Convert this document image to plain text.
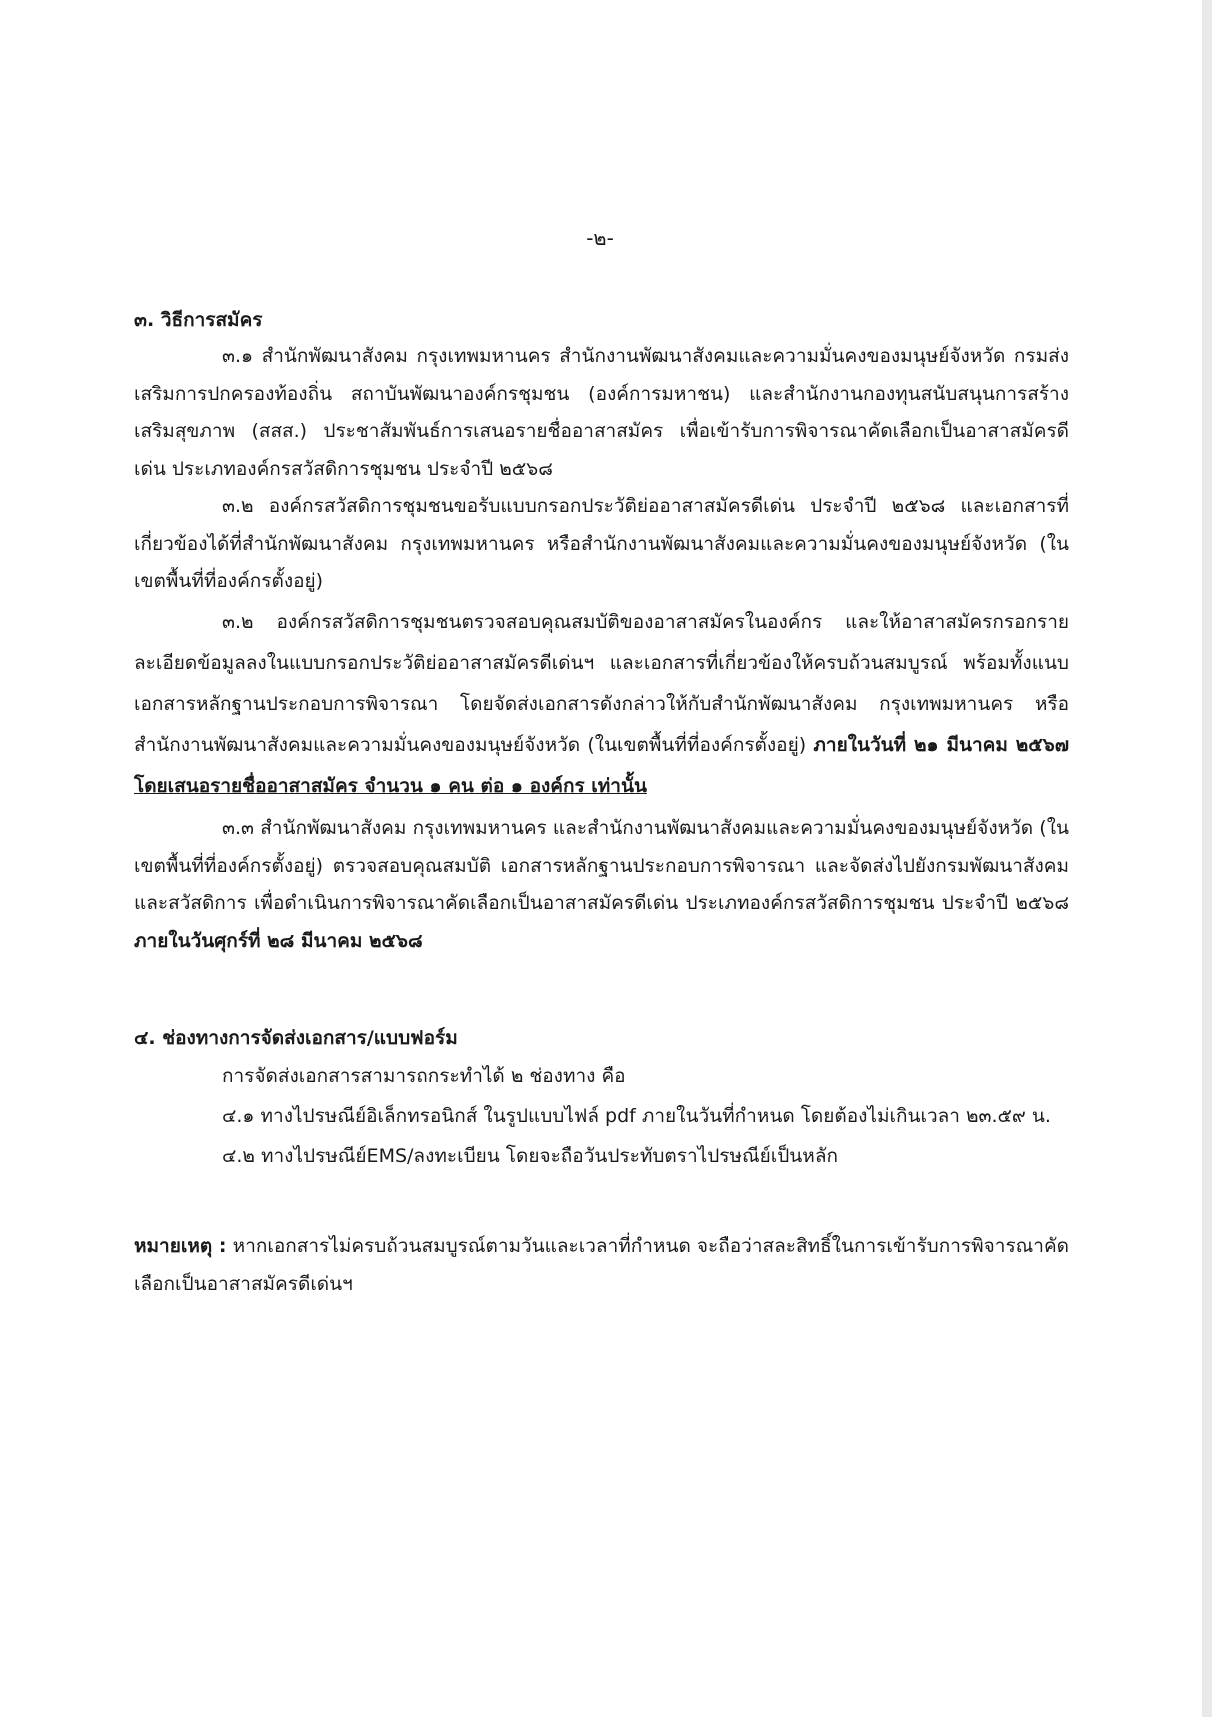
-๒-
๓. วิธีการสมัคร
๓.๑ สำนักพัฒนาสังคม กรุงเทพมหานคร สำนักงานพัฒนาสังคมและความมั่นคงของมนุษย์จังหวัด กรมส่งเสริมการปกครองท้องถิ่น สถาบันพัฒนาองค์กรชุมชน (องค์การมหาชน) และสำนักงานกองทุนสนับสนุนการสร้างเสริมสุขภาพ (สสส.) ประชาสัมพันธ์การเสนอรายชื่ออาสาสมัคร เพื่อเข้ารับการพิจารณาคัดเลือกเป็นอาสาสมัครดีเด่น ประเภทองค์กรสวัสดิการชุมชน ประจำปี ๒๕๖๘
๓.๒ องค์กรสวัสดิการชุมชนขอรับแบบกรอกประวัติย่ออาสาสมัครดีเด่น ประจำปี ๒๕๖๘ และเอกสารที่เกี่ยวข้องได้ที่สำนักพัฒนาสังคม กรุงเทพมหานคร หรือสำนักงานพัฒนาสังคมและความมั่นคงของมนุษย์จังหวัด (ในเขตพื้นที่ที่องค์กรตั้งอยู่)
๓.๒ องค์กรสวัสดิการชุมชนตรวจสอบคุณสมบัติของอาสาสมัครในองค์กร และให้อาสาสมัครกรอกรายละเอียดข้อมูลลงในแบบกรอกประวัติย่ออาสาสมัครดีเด่นฯ และเอกสารที่เกี่ยวข้องให้ครบถ้วนสมบูรณ์ พร้อมทั้งแนบเอกสารหลักฐานประกอบการพิจารณา โดยจัดส่งเอกสารดังกล่าวให้กับสำนักพัฒนาสังคม กรุงเทพมหานคร หรือสำนักงานพัฒนาสังคมและความมั่นคงของมนุษย์จังหวัด (ในเขตพื้นที่ที่องค์กรตั้งอยู่) ภายในวันที่ ๒๑ มีนาคม ๒๕๖๗ โดยเสนอรายชื่ออาสาสมัคร จำนวน ๑ คน ต่อ ๑ องค์กร เท่านั้น
๓.๓ สำนักพัฒนาสังคม กรุงเทพมหานคร และสำนักงานพัฒนาสังคมและความมั่นคงของมนุษย์จังหวัด (ในเขตพื้นที่ที่องค์กรตั้งอยู่) ตรวจสอบคุณสมบัติ เอกสารหลักฐานประกอบการพิจารณา และจัดส่งไปยังกรมพัฒนาสังคมและสวัสดิการ เพื่อดำเนินการพิจารณาคัดเลือกเป็นอาสาสมัครดีเด่น ประเภทองค์กรสวัสดิการชุมชน ประจำปี ๒๕๖๘ ภายในวันศุกร์ที่ ๒๘ มีนาคม ๒๕๖๘
๔. ช่องทางการจัดส่งเอกสาร/แบบฟอร์ม
การจัดส่งเอกสารสามารถกระทำได้ ๒ ช่องทาง คือ
๔.๑ ทางไปรษณีย์อิเล็กทรอนิกส์ ในรูปแบบไฟล์ pdf ภายในวันที่กำหนด โดยต้องไม่เกินเวลา ๒๓.๕๙ น.
๔.๒ ทางไปรษณีย์EMS/ลงทะเบียน โดยจะถือวันประทับตราไปรษณีย์เป็นหลัก
หมายเหตุ : หากเอกสารไม่ครบถ้วนสมบูรณ์ตามวันและเวลาที่กำหนด จะถือว่าสละสิทธิ์ในการเข้ารับการพิจารณาคัดเลือกเป็นอาสาสมัครดีเด่นฯ
